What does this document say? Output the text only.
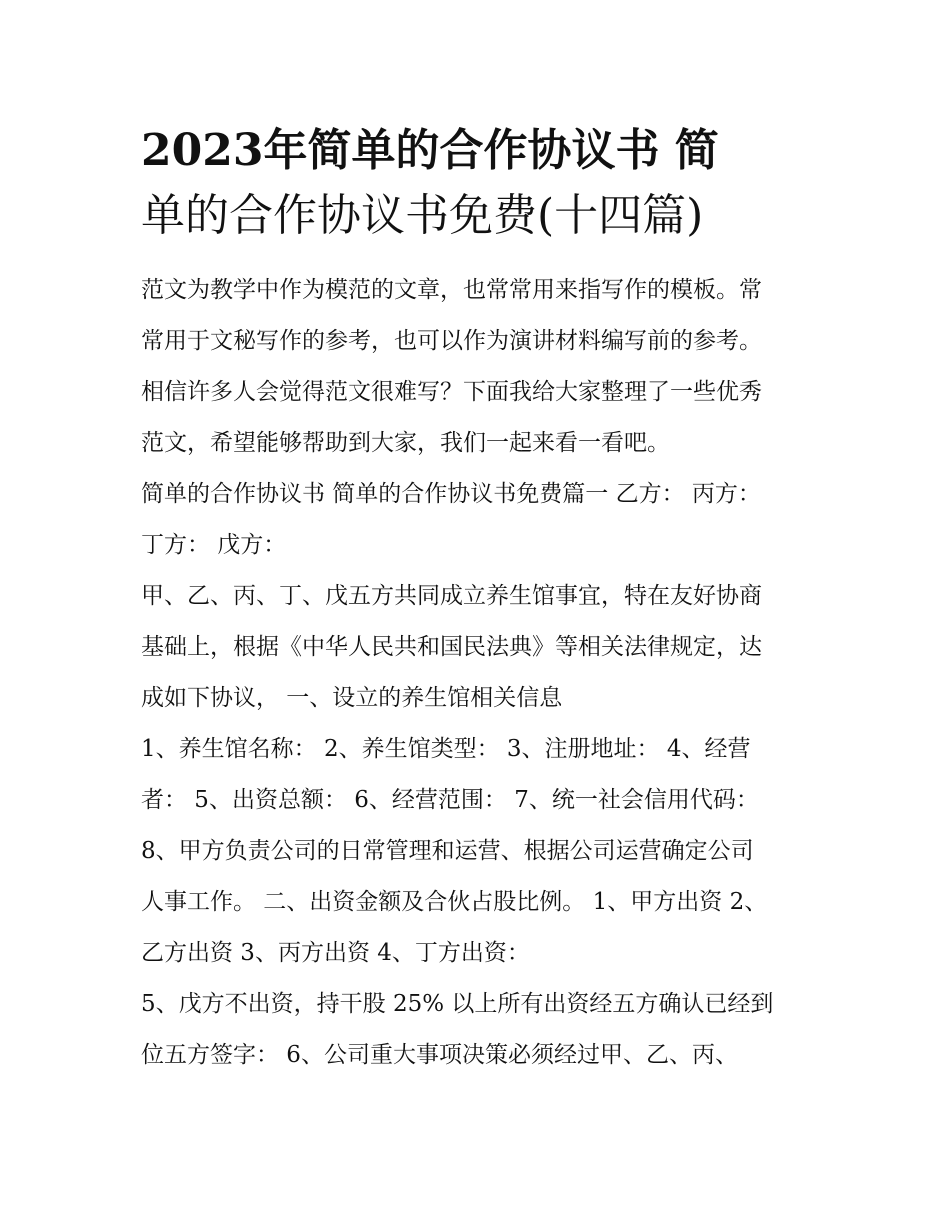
2023年简单的合作协议书 简
单的合作协议书免费(十四篇)

范文为教学中作为模范的文章，也常常用来指写作的模板。常
常用于文秘写作的参考，也可以作为演讲材料编写前的参考。
相信许多人会觉得范文很难写？下面我给大家整理了一些优秀
范文，希望能够帮助到大家，我们一起来看一看吧。

简单的合作协议书 简单的合作协议书免费篇一 乙方： 丙方：
丁方： 戊方：

甲、乙、丙、丁、戊五方共同成立养生馆事宜，特在友好协商
基础上，根据《中华人民共和国民法典》等相关法律规定，达
成如下协议， 一、设立的养生馆相关信息

1、养生馆名称： 2、养生馆类型： 3、注册地址： 4、经营
者： 5、出资总额： 6、经营范围： 7、统一社会信用代码：

8、甲方负责公司的日常管理和运营、根据公司运营确定公司
人事工作。 二、出资金额及合伙占股比例。 1、甲方出资 2、
乙方出资 3、丙方出资 4、丁方出资：

5、戊方不出资，持干股 25% 以上所有出资经五方确认已经到
位五方签字： 6、公司重大事项决策必须经过甲、乙、丙、
